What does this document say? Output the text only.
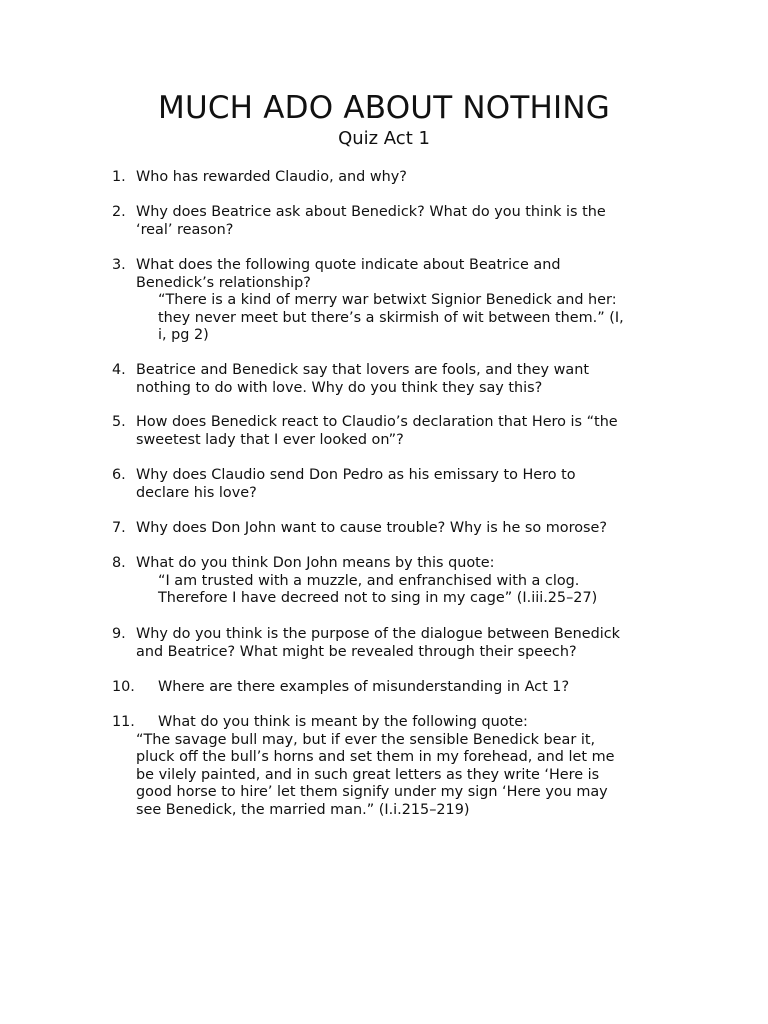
MUCH ADO ABOUT NOTHING
Quiz Act 1
1. Who has rewarded Claudio, and why?
2. Why does Beatrice ask about Benedick? What do you think is the
‘real’ reason?
3. What does the following quote indicate about Beatrice and
Benedick’s relationship?
“There is a kind of merry war betwixt Signior Benedick and her:
they never meet but there’s a skirmish of wit between them.” (I,
i, pg 2)
4. Beatrice and Benedick say that lovers are fools, and they want
nothing to do with love. Why do you think they say this?
5. How does Benedick react to Claudio’s declaration that Hero is “the
sweetest lady that I ever looked on”?
6. Why does Claudio send Don Pedro as his emissary to Hero to
declare his love?
7. Why does Don John want to cause trouble? Why is he so morose?
8. What do you think Don John means by this quote:
“I am trusted with a muzzle, and enfranchised with a clog.
Therefore I have decreed not to sing in my cage” (I.iii.25–27)
9. Why do you think is the purpose of the dialogue between Benedick
and Beatrice? What might be revealed through their speech?
10. Where are there examples of misunderstanding in Act 1?
11. What do you think is meant by the following quote:
“The savage bull may, but if ever the sensible Benedick bear it,
pluck off the bull’s horns and set them in my forehead, and let me
be vilely painted, and in such great letters as they write ‘Here is
good horse to hire’ let them signify under my sign ‘Here you may
see Benedick, the married man.” (I.i.215–219)
